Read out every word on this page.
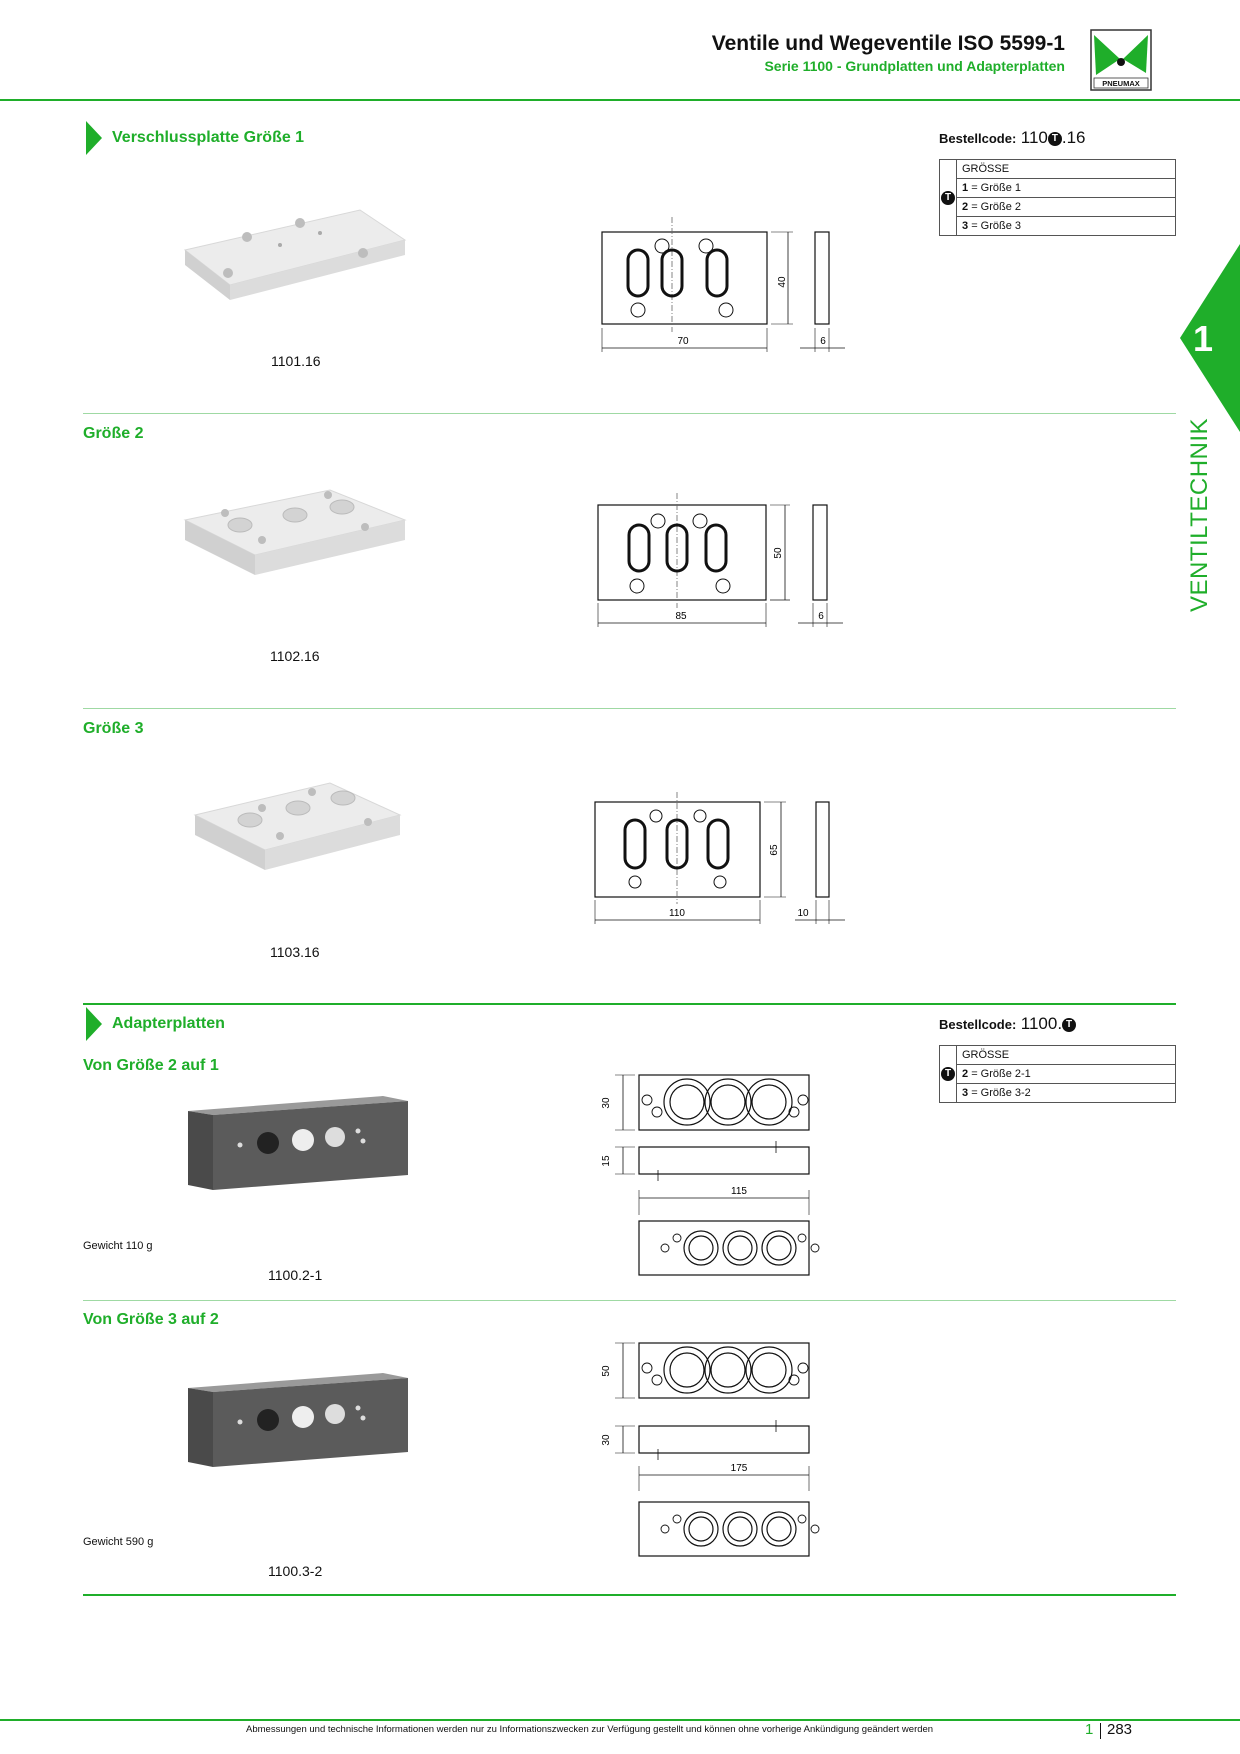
Ventile und Wegeventile ISO 5599-1
Serie 1100 - Grundplatten und Adapterplatten
PNEUMAX
1
VENTILTECHNIK
Verschlussplatte Größe 1	Bestellcode: 110 T .16
T	GRÖSSE
1 = Größe 1
2 = Größe 2
3 = Größe 3
1101.16
40
70	6
Größe 2
1102.16
50
85	6
Größe 3
1103.16
65
110	10
Adapterplatten	Bestellcode: 1100. T
T	GRÖSSE
2 = Größe 2-1
3 = Größe 3-2
Von Größe 2 auf 1
Gewicht 110 g
1100.2-1
30
15
115
Von Größe 3 auf 2
Gewicht 590 g
1100.3-2
50
30
175
Abmessungen und technische Informationen werden nur zu Informationszwecken zur Verfügung gestellt und können ohne vorherige Ankündigung geändert werden	1 283
